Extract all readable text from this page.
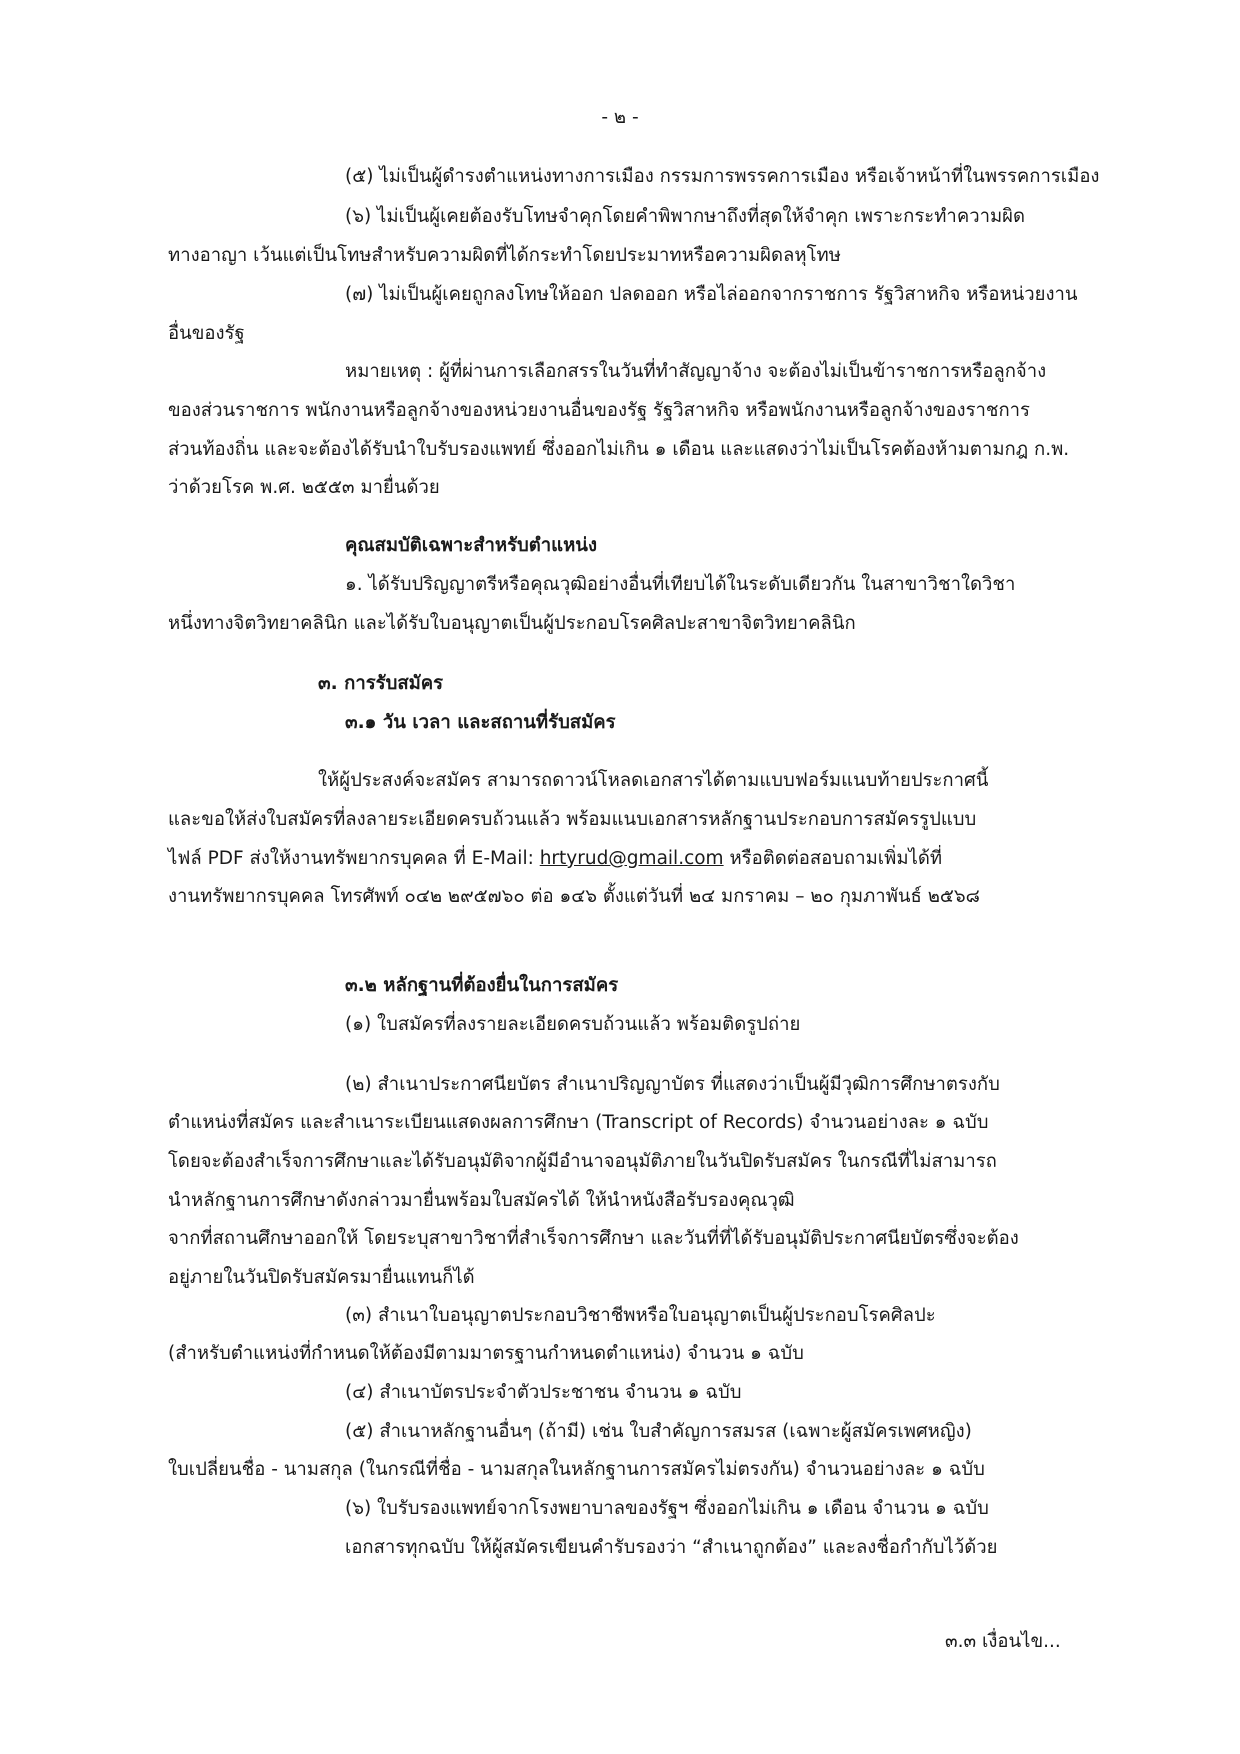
- ๒ -

(๕) ไม่เป็นผู้ดำรงตำแหน่งทางการเมือง กรรมการพรรคการเมือง หรือเจ้าหน้าที่ในพรรคการเมือง

(๖) ไม่เป็นผู้เคยต้องรับโทษจำคุกโดยคำพิพากษาถึงที่สุดให้จำคุก เพราะกระทำความผิด

ทางอาญา เว้นแต่เป็นโทษสำหรับความผิดที่ได้กระทำโดยประมาทหรือความผิดลหุโทษ

(๗) ไม่เป็นผู้เคยถูกลงโทษให้ออก ปลดออก หรือไล่ออกจากราชการ รัฐวิสาหกิจ หรือหน่วยงาน

อื่นของรัฐ

หมายเหตุ : ผู้ที่ผ่านการเลือกสรรในวันที่ทำสัญญาจ้าง จะต้องไม่เป็นข้าราชการหรือลูกจ้าง

ของส่วนราชการ พนักงานหรือลูกจ้างของหน่วยงานอื่นของรัฐ รัฐวิสาหกิจ หรือพนักงานหรือลูกจ้างของราชการ

ส่วนท้องถิ่น และจะต้องได้รับนำใบรับรองแพทย์ ซึ่งออกไม่เกิน ๑ เดือน และแสดงว่าไม่เป็นโรคต้องห้ามตามกฎ ก.พ.

ว่าด้วยโรค พ.ศ. ๒๕๕๓ มายื่นด้วย

คุณสมบัติเฉพาะสำหรับตำแหน่ง

๑. ได้รับปริญญาตรีหรือคุณวุฒิอย่างอื่นที่เทียบได้ในระดับเดียวกัน ในสาขาวิชาใดวิชา

หนึ่งทางจิตวิทยาคลินิก และได้รับใบอนุญาตเป็นผู้ประกอบโรคศิลปะสาขาจิตวิทยาคลินิก

๓. การรับสมัคร

๓.๑ วัน เวลา และสถานที่รับสมัคร

ให้ผู้ประสงค์จะสมัคร สามารถดาวน์โหลดเอกสารได้ตามแบบฟอร์มแนบท้ายประกาศนี้

และขอให้ส่งใบสมัครที่ลงลายระเอียดครบถ้วนแล้ว พร้อมแนบเอกสารหลักฐานประกอบการสมัครรูปแบบ

ไฟล์ PDF ส่งให้งานทรัพยากรบุคคล ที่ E-Mail: hrtyrud@gmail.com หรือติดต่อสอบถามเพิ่มได้ที่

งานทรัพยากรบุคคล โทรศัพท์ ๐๔๒ ๒๙๕๗๖๐ ต่อ ๑๔๖ ตั้งแต่วันที่ ๒๔ มกราคม – ๒๐ กุมภาพันธ์ ๒๕๖๘

๓.๒ หลักฐานที่ต้องยื่นในการสมัคร

(๑) ใบสมัครที่ลงรายละเอียดครบถ้วนแล้ว พร้อมติดรูปถ่าย

(๒) สำเนาประกาศนียบัตร สำเนาปริญญาบัตร ที่แสดงว่าเป็นผู้มีวุฒิการศึกษาตรงกับ

ตำแหน่งที่สมัคร และสำเนาระเบียนแสดงผลการศึกษา (Transcript of Records) จำนวนอย่างละ ๑ ฉบับ

โดยจะต้องสำเร็จการศึกษาและได้รับอนุมัติจากผู้มีอำนาจอนุมัติภายในวันปิดรับสมัคร ในกรณีที่ไม่สามารถ

นำหลักฐานการศึกษาดังกล่าวมายื่นพร้อมใบสมัครได้ ให้นำหนังสือรับรองคุณวุฒิ

จากที่สถานศึกษาออกให้ โดยระบุสาขาวิชาที่สำเร็จการศึกษา และวันที่ที่ได้รับอนุมัติประกาศนียบัตรซึ่งจะต้อง

อยู่ภายในวันปิดรับสมัครมายื่นแทนก็ได้

(๓) สำเนาใบอนุญาตประกอบวิชาชีพหรือใบอนุญาตเป็นผู้ประกอบโรคศิลปะ

(สำหรับตำแหน่งที่กำหนดให้ต้องมีตามมาตรฐานกำหนดตำแหน่ง) จำนวน ๑ ฉบับ

(๔) สำเนาบัตรประจำตัวประชาชน จำนวน ๑ ฉบับ

(๕) สำเนาหลักฐานอื่นๆ (ถ้ามี) เช่น ใบสำคัญการสมรส (เฉพาะผู้สมัครเพศหญิง)

ใบเปลี่ยนชื่อ - นามสกุล (ในกรณีที่ชื่อ - นามสกุลในหลักฐานการสมัครไม่ตรงกัน) จำนวนอย่างละ ๑ ฉบับ

(๖) ใบรับรองแพทย์จากโรงพยาบาลของรัฐฯ ซึ่งออกไม่เกิน ๑ เดือน จำนวน ๑ ฉบับ

เอกสารทุกฉบับ ให้ผู้สมัครเขียนคำรับรองว่า “สำเนาถูกต้อง” และลงชื่อกำกับไว้ด้วย

๓.๓ เงื่อนไข...
